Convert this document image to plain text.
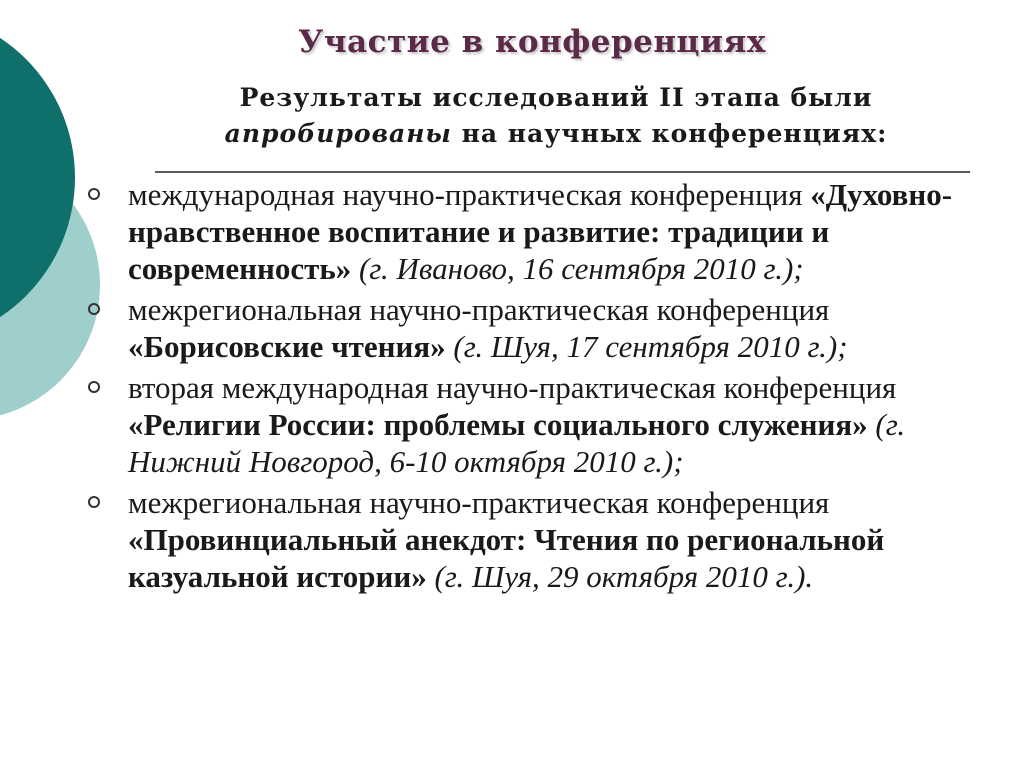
Участие в конференциях
Результаты исследований II этапа были
апробированы на научных конференциях:
международная научно-практическая конференция «Духовно-нравственное воспитание и развитие: традиции и современность» (г. Иваново, 16 сентября 2010 г.);
межрегиональная научно-практическая конференция «Борисовские чтения» (г. Шуя, 17 сентября 2010 г.);
вторая международная научно-практическая конференция «Религии России: проблемы социального служения» (г. Нижний Новгород, 6-10 октября 2010 г.);
межрегиональная научно-практическая конференция «Провинциальный анекдот: Чтения по региональной казуальной истории» (г. Шуя, 29 октября 2010 г.).
